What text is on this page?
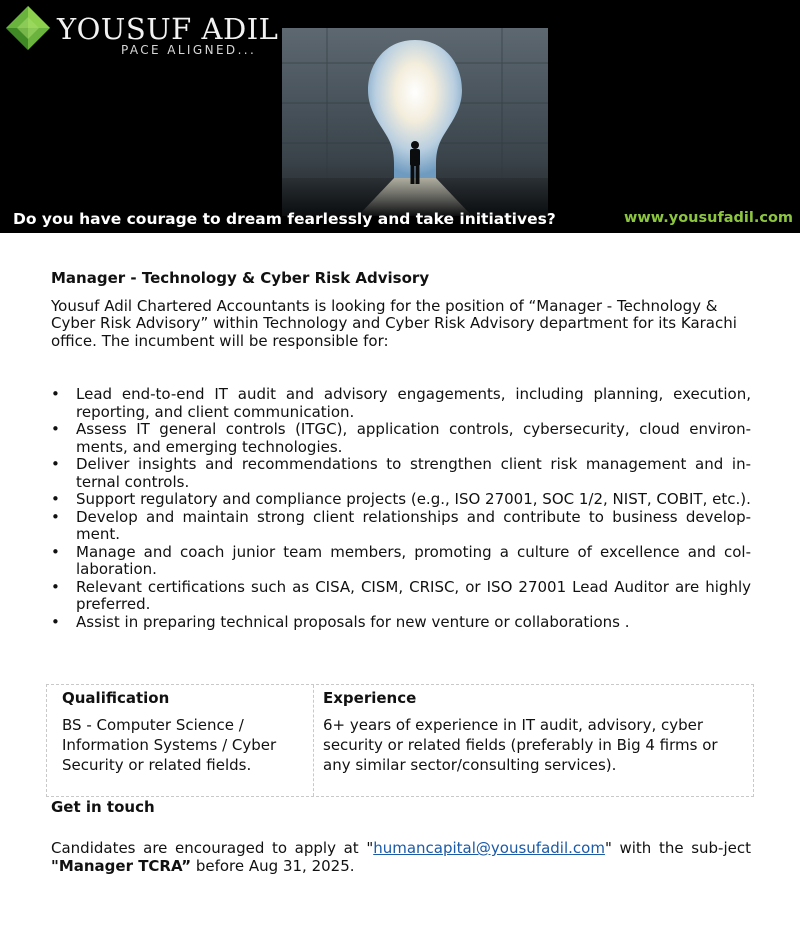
YOUSUF ADIL
PACE ALIGNED...
Do you have courage to dream fearlessly and take initiatives?	www.yousufadil.com
Manager - Technology & Cyber Risk Advisory

Yousuf Adil Chartered Accountants is looking for the position of “Manager - Technology & Cyber Risk Advisory” within Technology and Cyber Risk Advisory department for its Karachi office. The incumbent will be responsible for:

• Lead end-to-end IT audit and advisory engagements, including planning, execution, reporting, and client communication.
• Assess IT general controls (ITGC), application controls, cybersecurity, cloud environ-ments, and emerging technologies.
• Deliver insights and recommendations to strengthen client risk management and in-ternal controls.
• Support regulatory and compliance projects (e.g., ISO 27001, SOC 1/2, NIST, COBIT, etc.).
• Develop and maintain strong client relationships and contribute to business develop-ment.
• Manage and coach junior team members, promoting a culture of excellence and col-laboration.
• Relevant certifications such as CISA, CISM, CRISC, or ISO 27001 Lead Auditor are highly preferred.
• Assist in preparing technical proposals for new venture or collaborations .
Qualification
BS - Computer Science / Information Systems / Cyber Security or related fields.
Experience
6+ years of experience in IT audit, advisory, cyber security or related fields (preferably in Big 4 firms or any similar sector/consulting services).
Get in touch

Candidates are encouraged to apply at "humancapital@yousufadil.com" with the sub-ject "Manager TCRA” before Aug 31, 2025.
